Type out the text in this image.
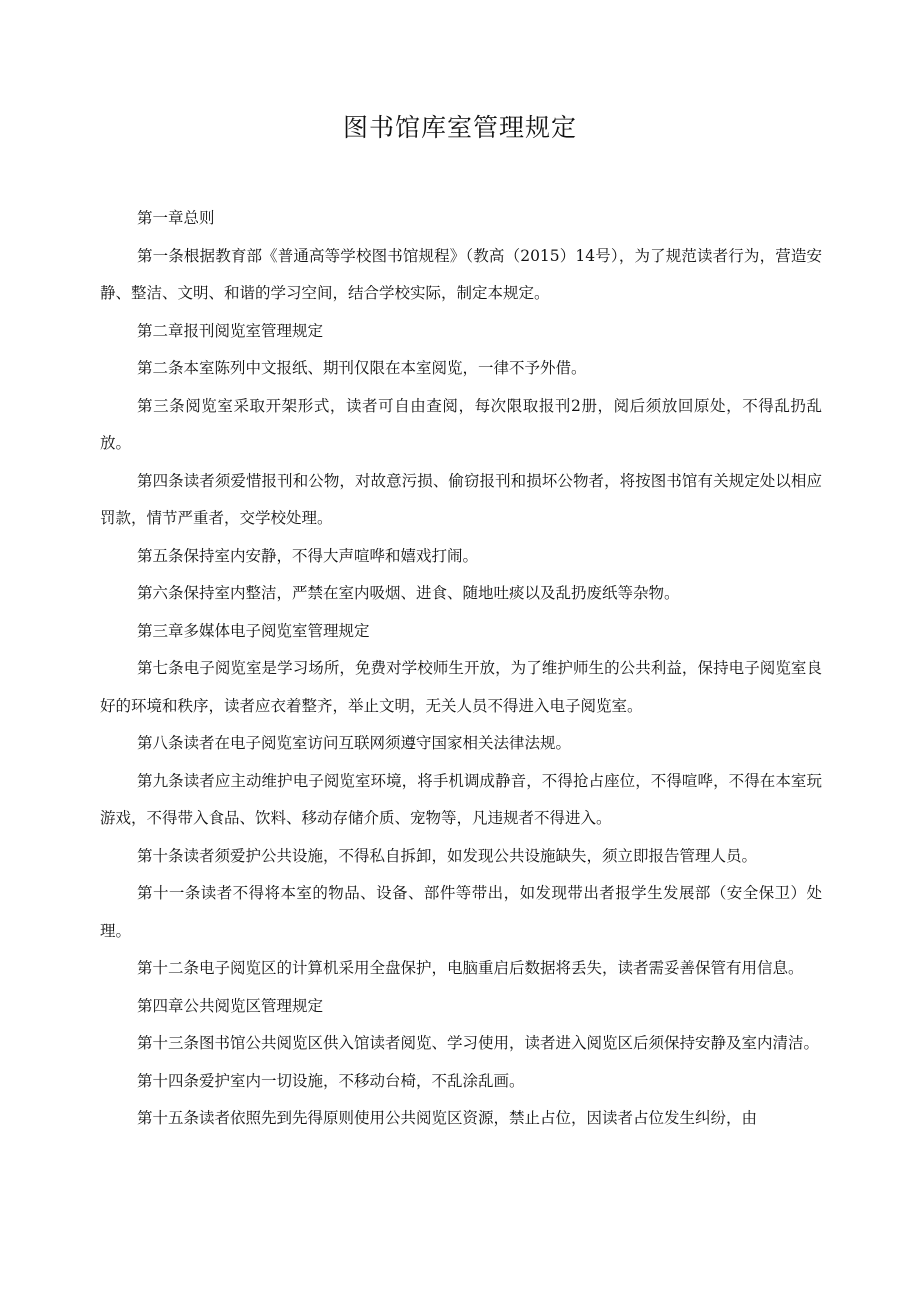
图书馆库室管理规定

第一章总则

第一条根据教育部《普通高等学校图书馆规程》（教高（2015）14号），为了规范读者行为，营造安静、整洁、文明、和谐的学习空间，结合学校实际，制定本规定。

第二章报刊阅览室管理规定

第二条本室陈列中文报纸、期刊仅限在本室阅览，一律不予外借。

第三条阅览室采取开架形式，读者可自由查阅，每次限取报刊2册，阅后须放回原处，不得乱扔乱放。

第四条读者须爱惜报刊和公物，对故意污损、偷窃报刊和损坏公物者，将按图书馆有关规定处以相应罚款，情节严重者，交学校处理。

第五条保持室内安静，不得大声喧哗和嬉戏打闹。

第六条保持室内整洁，严禁在室内吸烟、进食、随地吐痰以及乱扔废纸等杂物。

第三章多媒体电子阅览室管理规定

第七条电子阅览室是学习场所，免费对学校师生开放，为了维护师生的公共利益，保持电子阅览室良好的环境和秩序，读者应衣着整齐，举止文明，无关人员不得进入电子阅览室。

第八条读者在电子阅览室访问互联网须遵守国家相关法律法规。

第九条读者应主动维护电子阅览室环境，将手机调成静音，不得抢占座位，不得喧哗，不得在本室玩游戏，不得带入食品、饮料、移动存储介质、宠物等，凡违规者不得进入。

第十条读者须爱护公共设施，不得私自拆卸，如发现公共设施缺失，须立即报告管理人员。

第十一条读者不得将本室的物品、设备、部件等带出，如发现带出者报学生发展部（安全保卫）处理。

第十二条电子阅览区的计算机采用全盘保护，电脑重启后数据将丢失，读者需妥善保管有用信息。

第四章公共阅览区管理规定

第十三条图书馆公共阅览区供入馆读者阅览、学习使用，读者进入阅览区后须保持安静及室内清洁。

第十四条爱护室内一切设施，不移动台椅，不乱涂乱画。

第十五条读者依照先到先得原则使用公共阅览区资源，禁止占位，因读者占位发生纠纷，由
